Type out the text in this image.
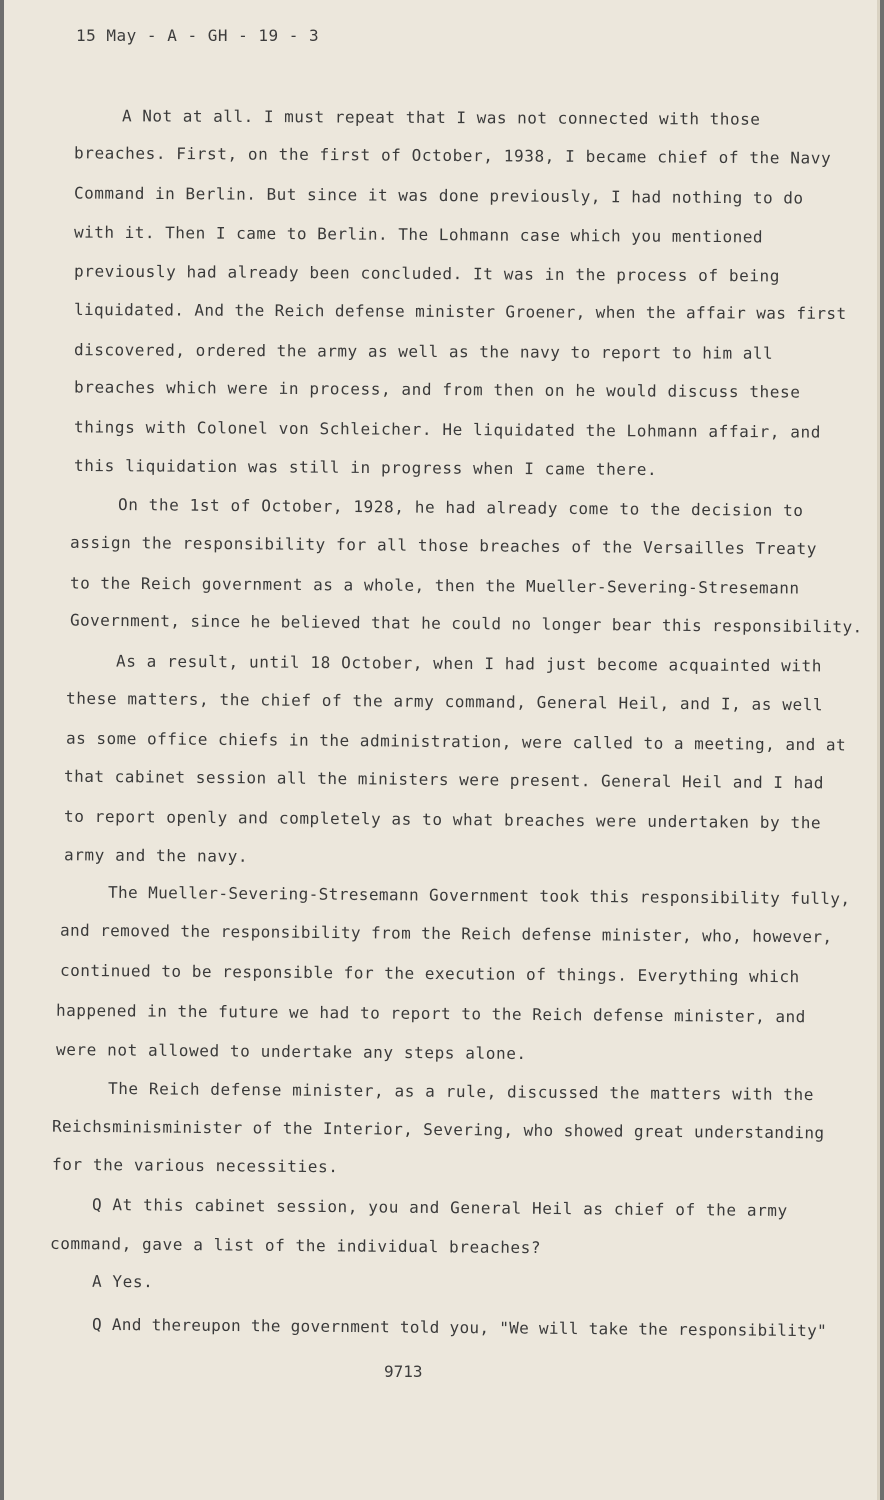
15 May - A - GH - 19 - 3
A Not at all. I must repeat that I was not connected with those
breaches. First, on the first of October, 1938, I became chief of the Navy
Command in Berlin. But since it was done previously, I had nothing to do
with it. Then I came to Berlin. The Lohmann case which you mentioned
previously had already been concluded. It was in the process of being
liquidated. And the Reich defense minister Groener, when the affair was first
discovered, ordered the army as well as the navy to report to him all
breaches which were in process, and from then on he would discuss these
things with Colonel von Schleicher. He liquidated the Lohmann affair, and
this liquidation was still in progress when I came there.
On the 1st of October, 1928, he had already come to the decision to
assign the responsibility for all those breaches of the Versailles Treaty
to the Reich government as a whole, then the Mueller-Severing-Stresemann
Government, since he believed that he could no longer bear this responsibility.
As a result, until 18 October, when I had just become acquainted with
these matters, the chief of the army command, General Heil, and I, as well
as some office chiefs in the administration, were called to a meeting, and at
that cabinet session all the ministers were present. General Heil and I had
to report openly and completely as to what breaches were undertaken by the
army and the navy.
The Mueller-Severing-Stresemann Government took this responsibility fully,
and removed the responsibility from the Reich defense minister, who, however,
continued to be responsible for the execution of things. Everything which
happened in the future we had to report to the Reich defense minister, and
were not allowed to undertake any steps alone.
The Reich defense minister, as a rule, discussed the matters with the
Reichsminisminister of the Interior, Severing, who showed great understanding
for the various necessities.
Q At this cabinet session, you and General Heil as chief of the army
command, gave a list of the individual breaches?
A Yes.
Q And thereupon the government told you, "We will take the responsibility"
9713
